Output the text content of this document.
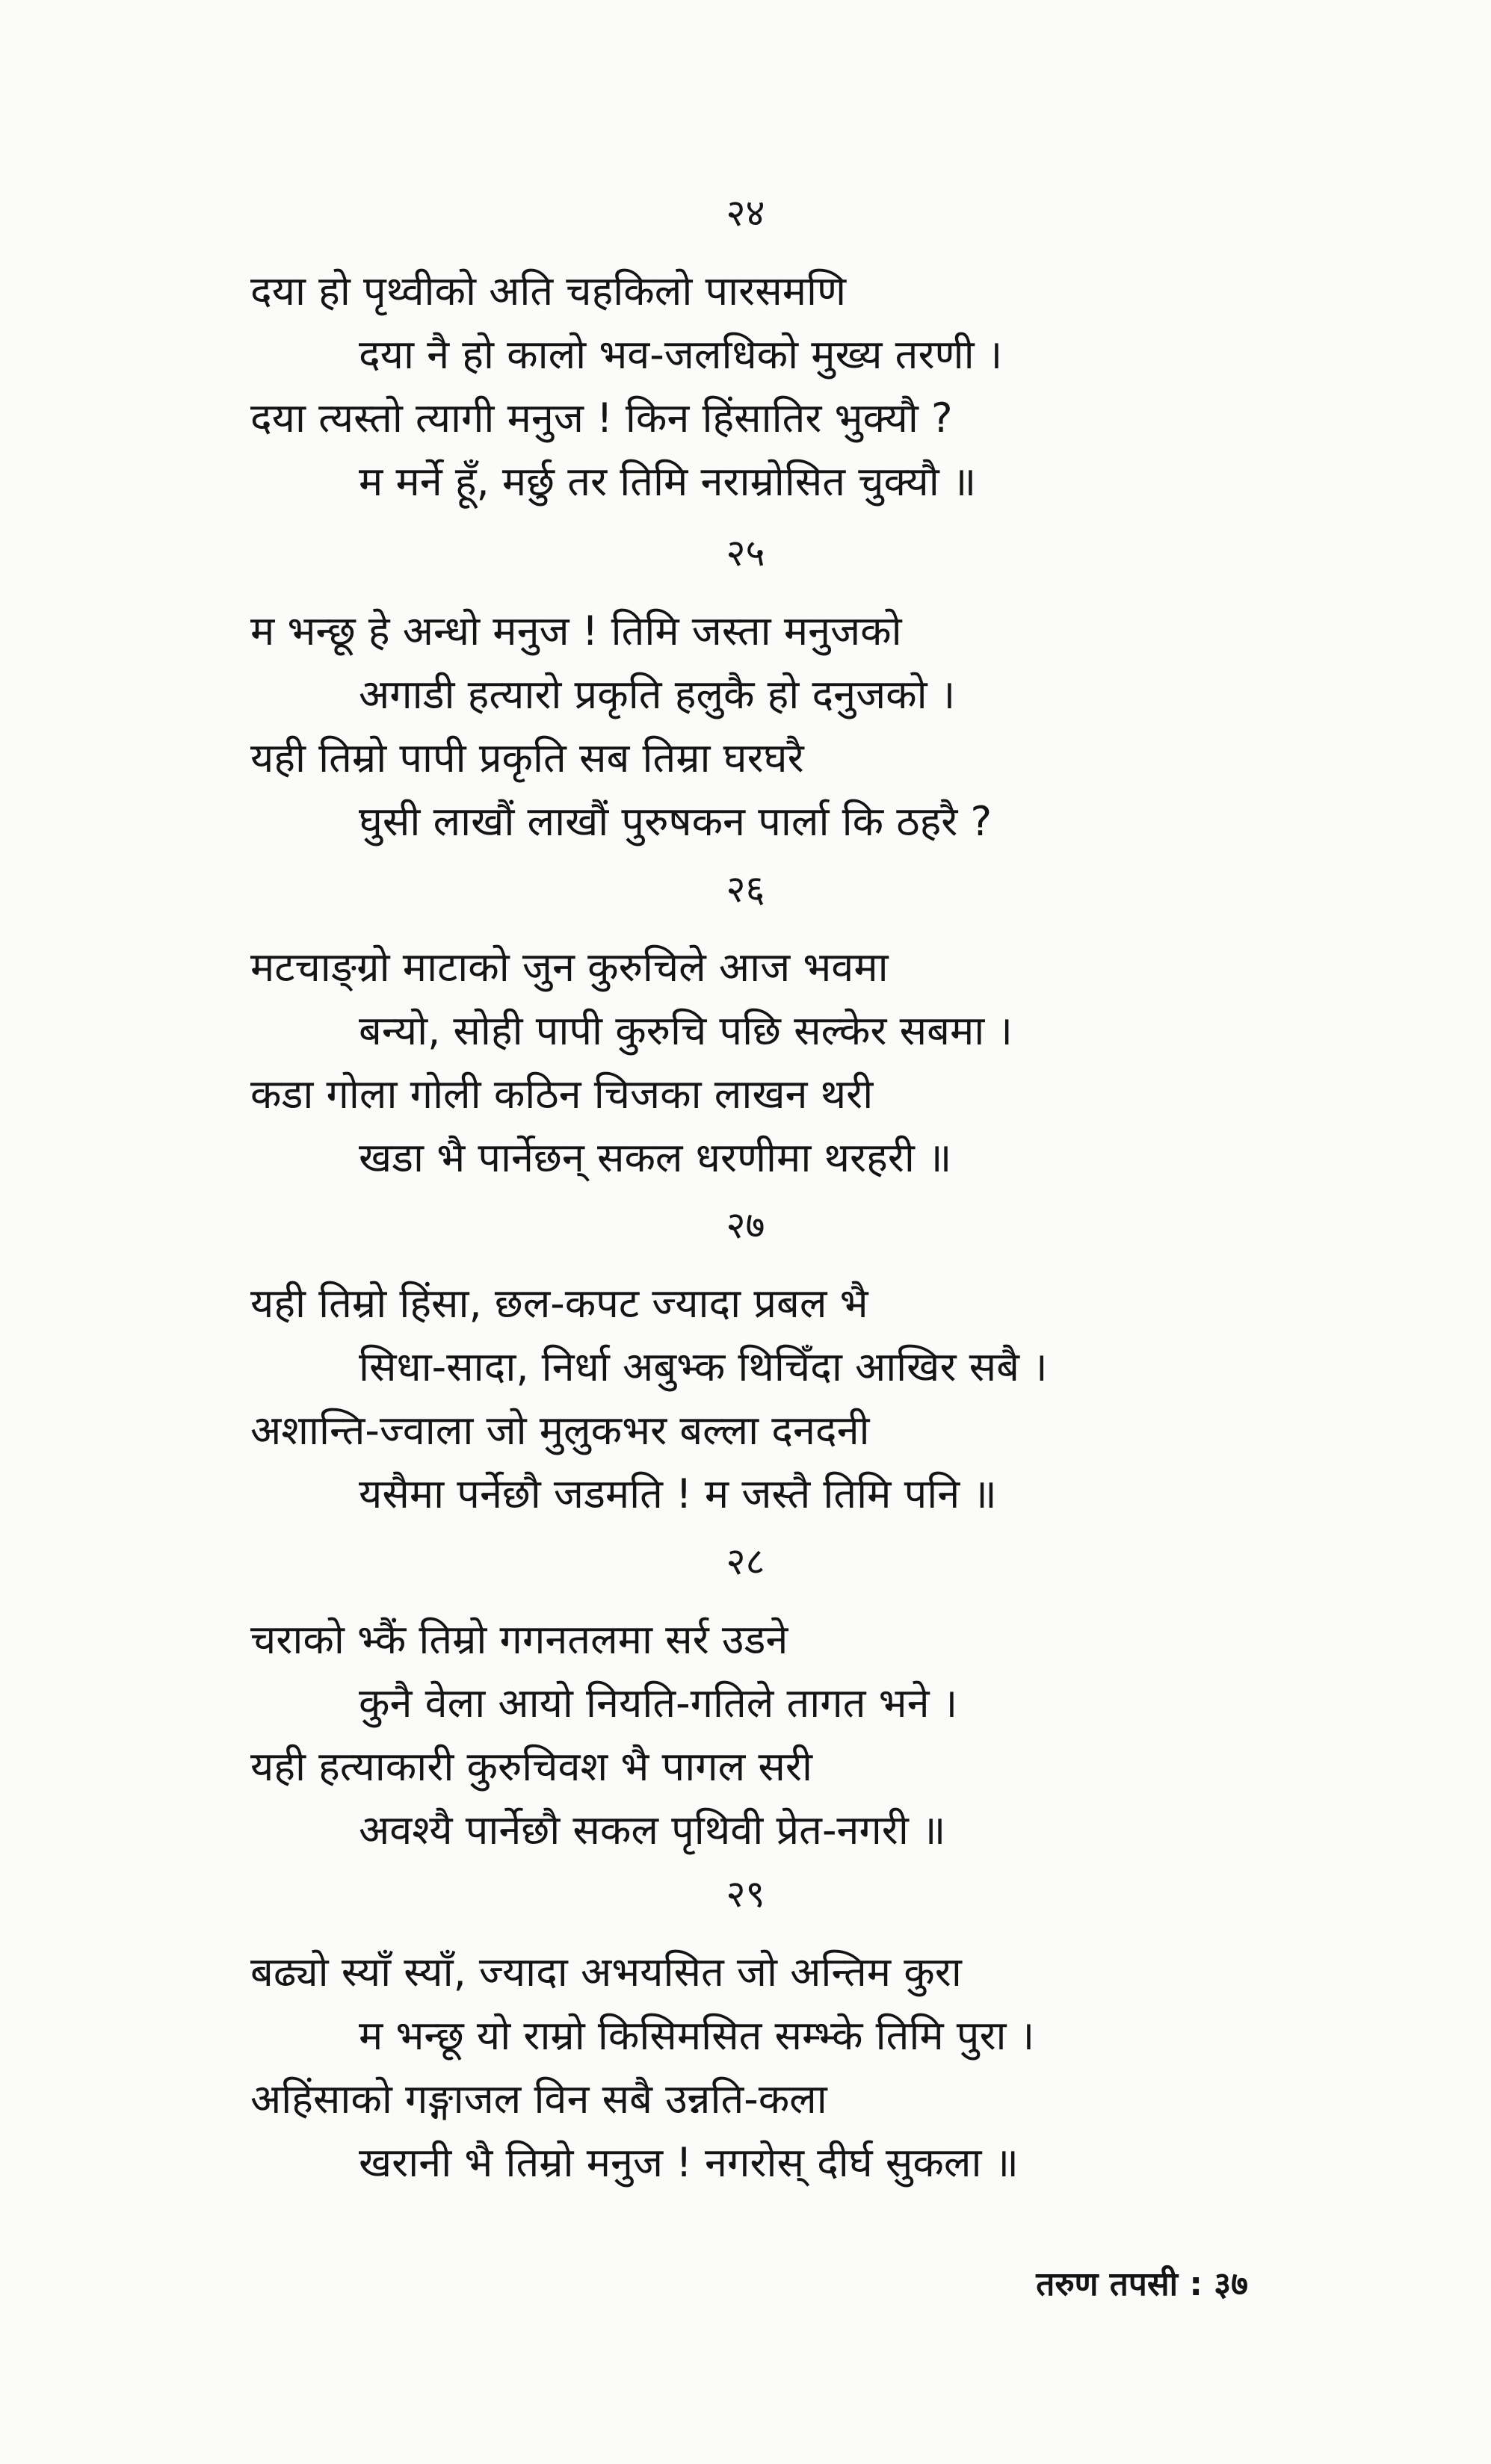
२४
दया हो पृथ्वीको अति चहकिलो पारसमणि
दया नै हो कालो भव-जलधिको मुख्य तरणी ।
दया त्यस्तो त्यागी मनुज ! किन हिंसातिर भुक्यौ ?
म मर्ने हूँ, मर्छु तर तिमि नराम्रोसित चुक्यौ ॥
२५
म भन्छू हे अन्धो मनुज ! तिमि जस्ता मनुजको
अगाडी हत्यारो प्रकृति हलुकै हो दनुजको ।
यही तिम्रो पापी प्रकृति सब तिम्रा घरघरै
घुसी लाखौं लाखौं पुरुषकन पार्ला कि ठहरै ?
२६
मटचाङ्ग्रो माटाको जुन कुरुचिले आज भवमा
बन्यो, सोही पापी कुरुचि पछि सल्केर सबमा ।
कडा गोला गोली कठिन चिजका लाखन थरी
खडा भै पार्नेछन् सकल धरणीमा थरहरी ॥
२७
यही तिम्रो हिंसा, छल-कपट ज्यादा प्रबल भै
सिधा-सादा, निर्धा अबुभ्क थिचिँदा आखिर सबै ।
अशान्ति-ज्वाला जो मुलुकभर बल्ला दनदनी
यसैमा पर्नेछौ जडमति ! म जस्तै तिमि पनि ॥
२८
चराको भ्कैं तिम्रो गगनतलमा सर्र उडने
कुनै वेला आयो नियति-गतिले तागत भने ।
यही हत्याकारी कुरुचिवश भै पागल सरी
अवश्यै पार्नेछौ सकल पृथिवी प्रेत-नगरी ॥
२९
बढ्यो स्याँ स्याँ, ज्यादा अभयसित जो अन्तिम कुरा
म भन्छू यो राम्रो किसिमसित सम्भ्के तिमि पुरा ।
अहिंसाको गङ्गाजल विन सबै उन्नति-कला
खरानी भै तिम्रो मनुज ! नगरोस् दीर्घ सुकला ॥
तरुण तपसी : ३७
